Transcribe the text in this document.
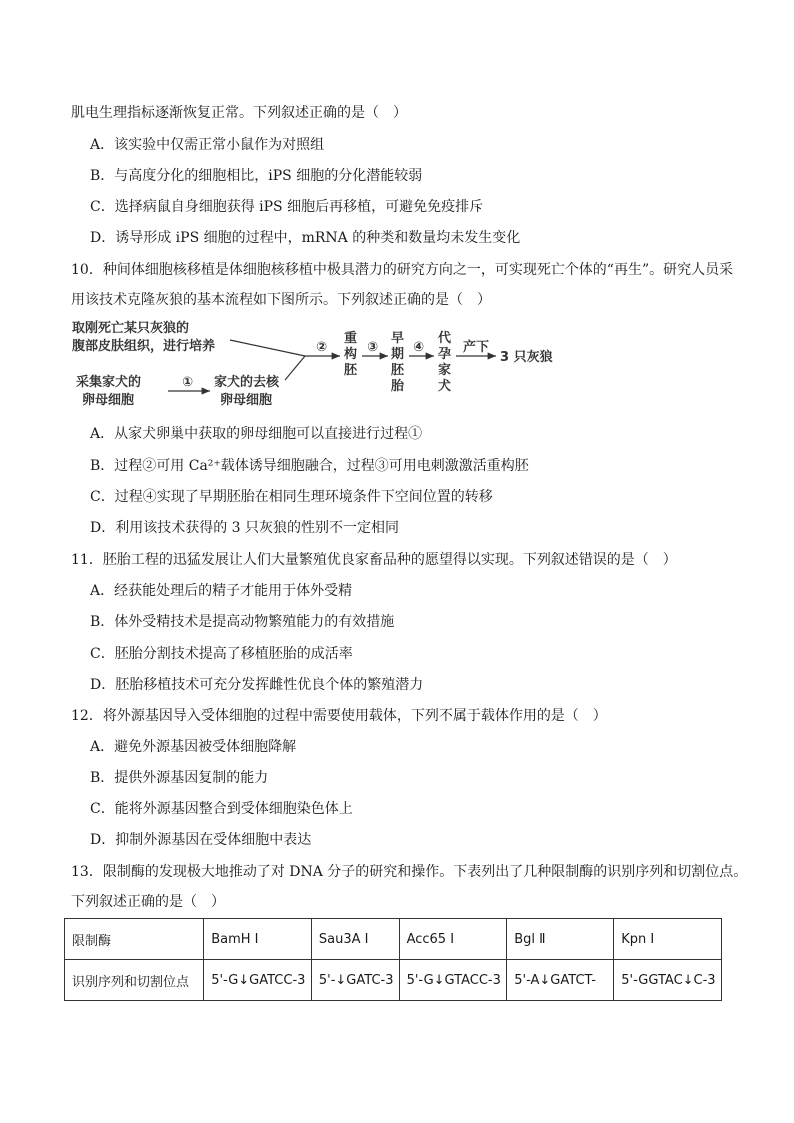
肌电生理指标逐渐恢复正常。下列叙述正确的是（　）
A．该实验中仅需正常小鼠作为对照组
B．与高度分化的细胞相比，iPS 细胞的分化潜能较弱
C．选择病鼠自身细胞获得 iPS 细胞后再移植，可避免免疫排斥
D．诱导形成 iPS 细胞的过程中，mRNA 的种类和数量均未发生变化
10．种间体细胞核移植是体细胞核移植中极具潜力的研究方向之一，可实现死亡个体的“再生”。研究人员采
用该技术克隆灰狼的基本流程如下图所示。下列叙述正确的是（　）
取刚死亡某只灰狼的
腹部皮肤组织，进行培养
采集家犬的
卵母细胞
① 家犬的去核
卵母细胞
②
重
构
胚
③
早
期
胚
胎
④
代
孕
家
犬
产下
3 只灰狼
A．从家犬卵巢中获取的卵母细胞可以直接进行过程①
B．过程②可用 Ca²⁺载体诱导细胞融合，过程③可用电刺激激活重构胚
C．过程④实现了早期胚胎在相同生理环境条件下空间位置的转移
D．利用该技术获得的 3 只灰狼的性别不一定相同
11．胚胎工程的迅猛发展让人们大量繁殖优良家畜品种的愿望得以实现。下列叙述错误的是（　）
A．经获能处理后的精子才能用于体外受精
B．体外受精技术是提高动物繁殖能力的有效措施
C．胚胎分割技术提高了移植胚胎的成活率
D．胚胎移植技术可充分发挥雌性优良个体的繁殖潜力
12．将外源基因导入受体细胞的过程中需要使用载体，下列不属于载体作用的是（　）
A．避免外源基因被受体细胞降解
B．提供外源基因复制的能力
C．能将外源基因整合到受体细胞染色体上
D．抑制外源基因在受体细胞中表达
13．限制酶的发现极大地推动了对 DNA 分子的研究和操作。下表列出了几种限制酶的识别序列和切割位点。
下列叙述正确的是（　）
限制酶	BamH Ⅰ	Sau3A Ⅰ	Acc65 Ⅰ	Bgl Ⅱ	Kpn Ⅰ
识别序列和切割位点	5'-G↓GATCC-3	5'-↓GATC-3	5'-G↓GTACC-3	5'-A↓GATCT-	5'-GGTAC↓C-3
